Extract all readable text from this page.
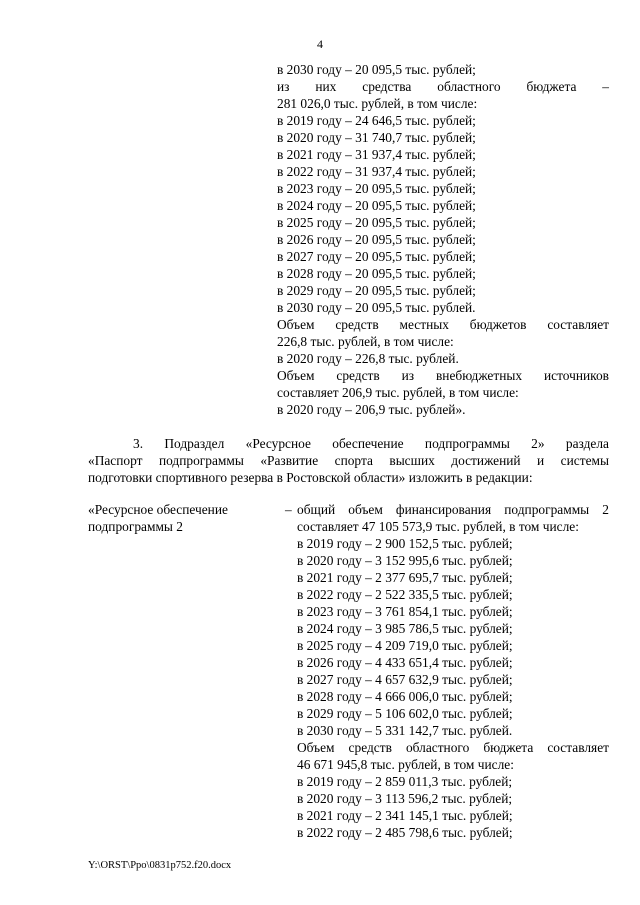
4
в 2030 году – 20 095,5 тыс. рублей;
из них средства областного бюджета –
281 026,0 тыс. рублей, в том числе:
в 2019 году – 24 646,5 тыс. рублей;
в 2020 году – 31 740,7 тыс. рублей;
в 2021 году – 31 937,4 тыс. рублей;
в 2022 году – 31 937,4 тыс. рублей;
в 2023 году – 20 095,5 тыс. рублей;
в 2024 году – 20 095,5 тыс. рублей;
в 2025 году – 20 095,5 тыс. рублей;
в 2026 году – 20 095,5 тыс. рублей;
в 2027 году – 20 095,5 тыс. рублей;
в 2028 году – 20 095,5 тыс. рублей;
в 2029 году – 20 095,5 тыс. рублей;
в 2030 году – 20 095,5 тыс. рублей.
Объем средств местных бюджетов составляет
226,8 тыс. рублей, в том числе:
в 2020 году – 226,8 тыс. рублей.
Объем средств из внебюджетных источников
составляет 206,9 тыс. рублей, в том числе:
в 2020 году – 206,9 тыс. рублей».
3. Подраздел «Ресурсное обеспечение подпрограммы 2» раздела
«Паспорт подпрограммы «Развитие спорта высших достижений и системы
подготовки спортивного резерва в Ростовской области» изложить в редакции:
«Ресурсное обеспечение
подпрограммы 2
– общий объем финансирования подпрограммы 2
составляет 47 105 573,9 тыс. рублей, в том числе:
в 2019 году – 2 900 152,5 тыс. рублей;
в 2020 году – 3 152 995,6 тыс. рублей;
в 2021 году – 2 377 695,7 тыс. рублей;
в 2022 году – 2 522 335,5 тыс. рублей;
в 2023 году – 3 761 854,1 тыс. рублей;
в 2024 году – 3 985 786,5 тыс. рублей;
в 2025 году – 4 209 719,0 тыс. рублей;
в 2026 году – 4 433 651,4 тыс. рублей;
в 2027 году – 4 657 632,9 тыс. рублей;
в 2028 году – 4 666 006,0 тыс. рублей;
в 2029 году – 5 106 602,0 тыс. рублей;
в 2030 году – 5 331 142,7 тыс. рублей.
Объем средств областного бюджета составляет
46 671 945,8 тыс. рублей, в том числе:
в 2019 году – 2 859 011,3 тыс. рублей;
в 2020 году – 3 113 596,2 тыс. рублей;
в 2021 году – 2 341 145,1 тыс. рублей;
в 2022 году – 2 485 798,6 тыс. рублей;
Y:\ORST\Ppo\0831p752.f20.docx
